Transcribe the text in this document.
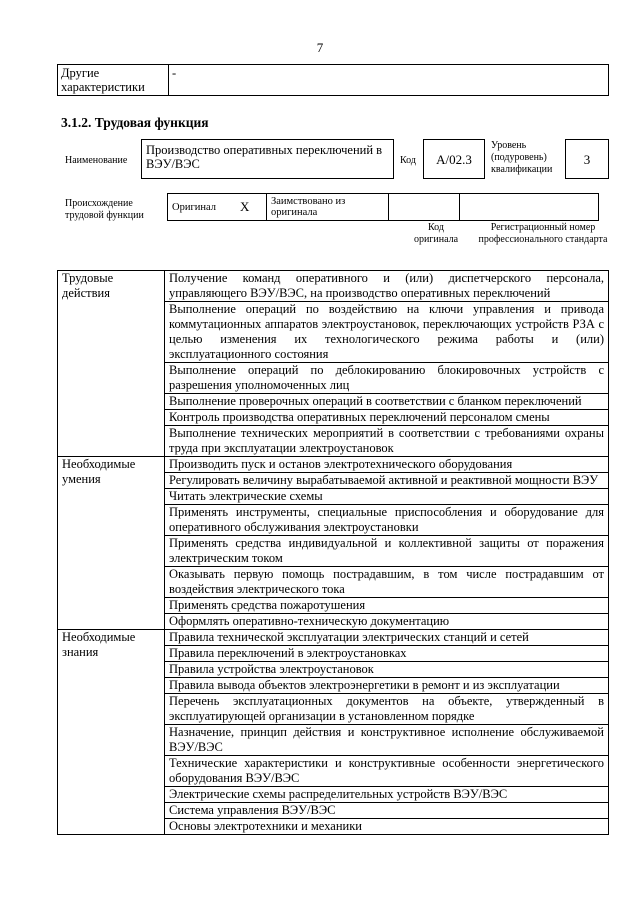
7
Другие характеристики	-
3.1.2. Трудовая функция
Наименование
Производство оперативных переключений в ВЭУ/ВЭС	Код	А/02.3
Уровень (подуровень) квалификации
3
Происхождение трудовой функции
Оригинал	Х	Заимствовано из оригинала		
Код оригинала
Регистрационный номер профессионального стандарта
Трудовые действия	Получение команд оперативного и (или) диспетчерского персонала, управляющего ВЭУ/ВЭС, на производство оперативных переключений
	Выполнение операций по воздействию на ключи управления и привода коммутационных аппаратов электроустановок, переключающих устройств РЗА с целью изменения их технологического режима работы и (или) эксплуатационного состояния
	Выполнение операций по деблокированию блокировочных устройств с разрешения уполномоченных лиц
	Выполнение проверочных операций в соответствии с бланком переключений
	Контроль производства оперативных переключений персоналом смены
	Выполнение технических мероприятий в соответствии с требованиями охраны труда при эксплуатации электроустановок
Необходимые умения	Производить пуск и останов электротехнического оборудования
	Регулировать величину вырабатываемой активной и реактивной мощности ВЭУ
	Читать электрические схемы
	Применять инструменты, специальные приспособления и оборудование для оперативного обслуживания электроустановки
	Применять средства индивидуальной и коллективной защиты от поражения электрическим током
	Оказывать первую помощь пострадавшим, в том числе пострадавшим от воздействия электрического тока
	Применять средства пожаротушения
	Оформлять оперативно-техническую документацию
Необходимые знания	Правила технической эксплуатации электрических станций и сетей
	Правила переключений в электроустановках
	Правила устройства электроустановок
	Правила вывода объектов электроэнергетики в ремонт и из эксплуатации
	Перечень эксплуатационных документов на объекте, утвержденный в эксплуатирующей организации в установленном порядке
	Назначение, принцип действия и конструктивное исполнение обслуживаемой ВЭУ/ВЭС
	Технические характеристики и конструктивные особенности энергетического оборудования ВЭУ/ВЭС
	Электрические схемы распределительных устройств ВЭУ/ВЭС
	Система управления ВЭУ/ВЭС
	Основы электротехники и механики
